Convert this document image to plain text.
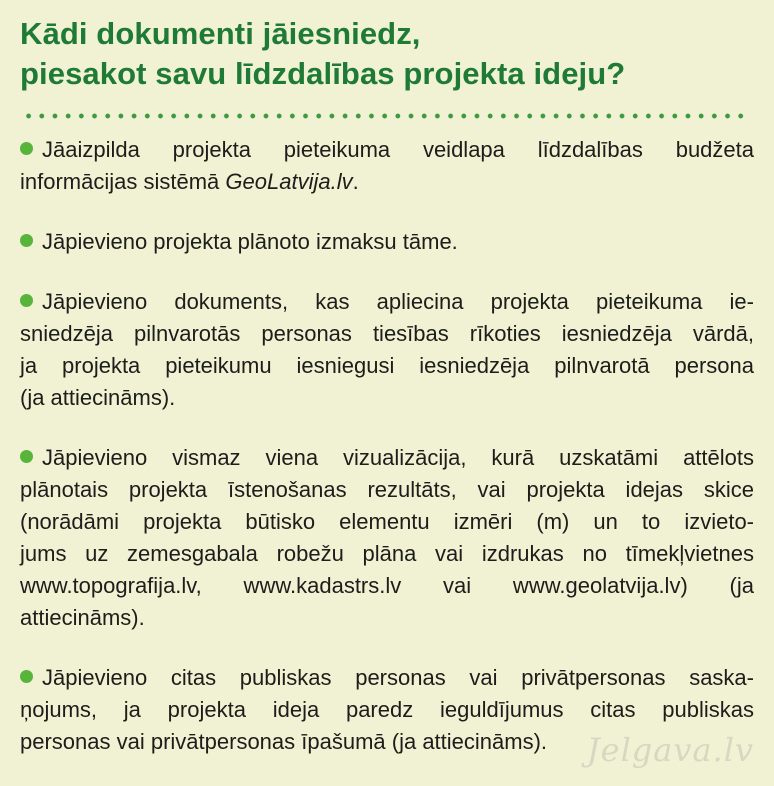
Kādi dokumenti jāiesniedz,
piesakot savu līdzdalības projekta ideju?
Jāaizpilda projekta pieteikuma veidlapa līdzdalības budžeta
informācijas sistēmā GeoLatvija.lv.
Jāpievieno projekta plānoto izmaksu tāme.
Jāpievieno dokuments, kas apliecina projekta pieteikuma ie-
sniedzēja pilnvarotās personas tiesības rīkoties iesniedzēja vārdā,
ja projekta pieteikumu iesniegusi iesniedzēja pilnvarotā persona
(ja attiecināms).
Jāpievieno vismaz viena vizualizācija, kurā uzskatāmi attēlots
plānotais projekta īstenošanas rezultāts, vai projekta idejas skice
(norādāmi projekta būtisko elementu izmēri (m) un to izvieto-
jums uz zemesgabala robežu plāna vai izdrukas no tīmekļvietnes
www.topografija.lv, www.kadastrs.lv vai www.geolatvija.lv) (ja
attiecināms).
Jāpievieno citas publiskas personas vai privātpersonas saska-
ņojums, ja projekta ideja paredz ieguldījumus citas publiskas
personas vai privātpersonas īpašumā (ja attiecināms).	Jelgava.lv
